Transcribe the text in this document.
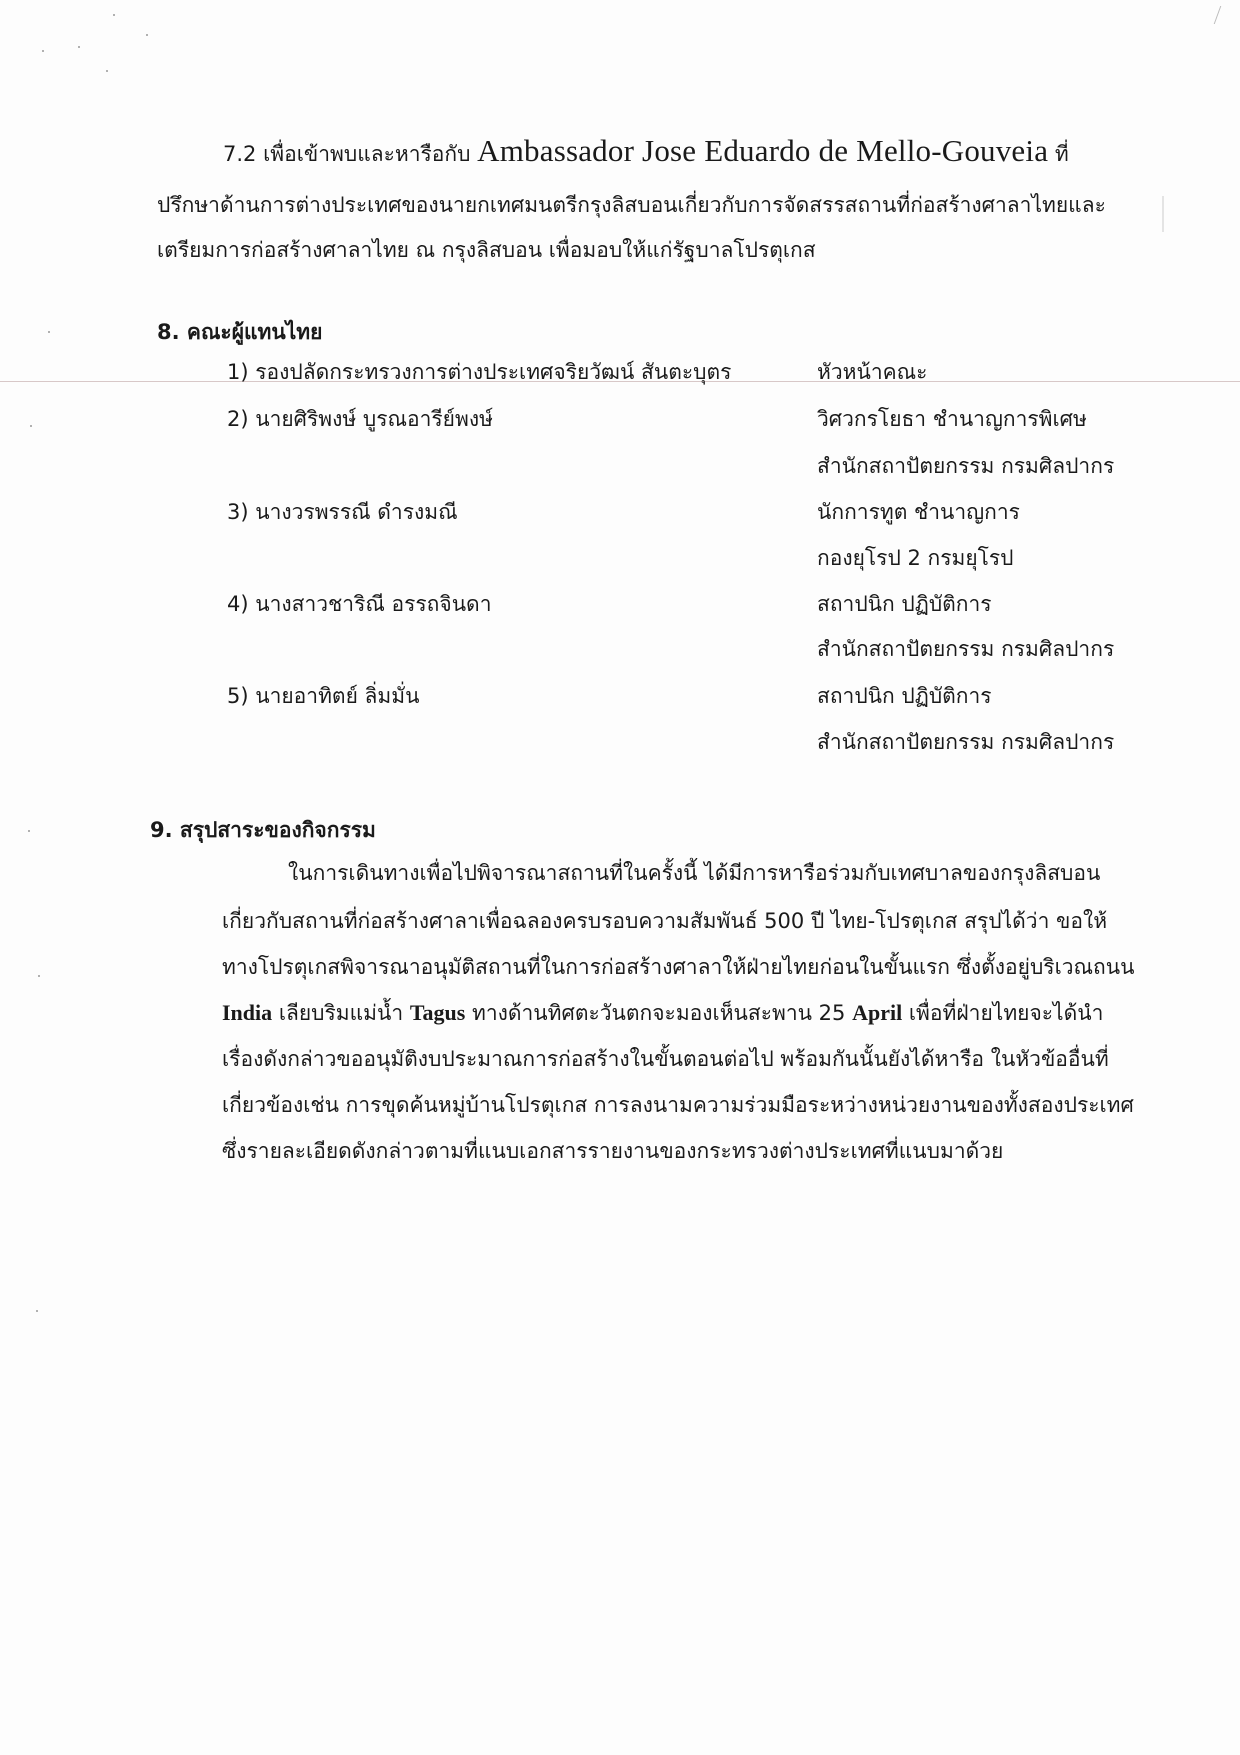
7.2 เพื่อเข้าพบและหารือกับ Ambassador Jose Eduardo de Mello-Gouveia ที่
ปรึกษาด้านการต่างประเทศของนายกเทศมนตรีกรุงลิสบอนเกี่ยวกับการจัดสรรสถานที่ก่อสร้างศาลาไทยและ
เตรียมการก่อสร้างศาลาไทย ณ กรุงลิสบอน เพื่อมอบให้แก่รัฐบาลโปรตุเกส
8. คณะผู้แทนไทย
1) รองปลัดกระทรวงการต่างประเทศจริยวัฒน์ สันตะบุตร	หัวหน้าคณะ
2) นายศิริพงษ์ บูรณอารีย์พงษ์	วิศวกรโยธา ชำนาญการพิเศษ
สำนักสถาปัตยกรรม กรมศิลปากร
3) นางวรพรรณี ดำรงมณี	นักการทูต ชำนาญการ
กองยุโรป 2 กรมยุโรป
4) นางสาวชาริณี อรรถจินดา	สถาปนิก ปฏิบัติการ
สำนักสถาปัตยกรรม กรมศิลปากร
5) นายอาทิตย์ ลิ่มมั่น	สถาปนิก ปฏิบัติการ
สำนักสถาปัตยกรรม กรมศิลปากร
9. สรุปสาระของกิจกรรม
ในการเดินทางเพื่อไปพิจารณาสถานที่ในครั้งนี้ ได้มีการหารือร่วมกับเทศบาลของกรุงลิสบอน
เกี่ยวกับสถานที่ก่อสร้างศาลาเพื่อฉลองครบรอบความสัมพันธ์ 500 ปี ไทย-โปรตุเกส สรุปได้ว่า ขอให้
ทางโปรตุเกสพิจารณาอนุมัติสถานที่ในการก่อสร้างศาลาให้ฝ่ายไทยก่อนในขั้นแรก ซึ่งตั้งอยู่บริเวณถนน
India เลียบริมแม่น้ำ Tagus ทางด้านทิศตะวันตกจะมองเห็นสะพาน 25 April เพื่อที่ฝ่ายไทยจะได้นำ
เรื่องดังกล่าวขออนุมัติงบประมาณการก่อสร้างในขั้นตอนต่อไป พร้อมกันนั้นยังได้หารือ ในหัวข้ออื่นที่
เกี่ยวข้องเช่น การขุดค้นหมู่บ้านโปรตุเกส การลงนามความร่วมมือระหว่างหน่วยงานของทั้งสองประเทศ
ซึ่งรายละเอียดดังกล่าวตามที่แนบเอกสารรายงานของกระทรวงต่างประเทศที่แนบมาด้วย
